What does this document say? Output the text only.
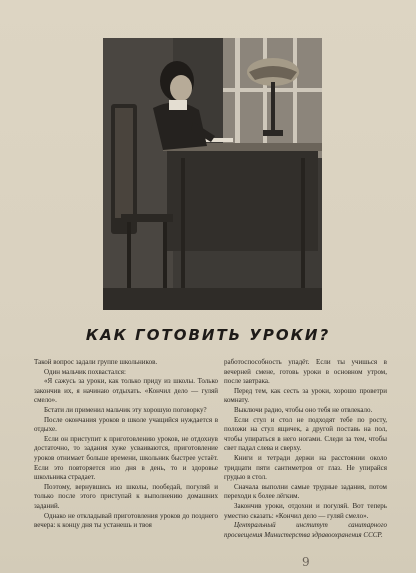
КАК ГОТОВИТЬ УРОКИ?

Такой вопрос задали группе школьников.

Один мальчик похвастался:

«Я сажусь за уроки, как только приду из школы. Только закончив их, я начинаю отдыхать. «Кончил дело — гуляй смело».

Бстати ли применил мальчик эту хорошую поговорку?

После окончания уроков в школе учащийся нуждается в отдыхе.

Если он приступит к приготовлению уроков, не отдохнув достаточно, то задания хуже усваиваются, приготовление уроков отнимает больше времени, школьник быстрее устаёт. Если это повторяется изо дня в день, то и здоровье школьника страдает.

Поэтому, вернувшись из школы, пообедай, погуляй и только после этого приступай к выполнению домашних заданий.

Однако не откладывай приготовления уроков до позднего вечера: к концу дня ты устанешь и твоя

работоспособность упадёт. Если ты учишься в вечерней смене, готовь уроки в основном утром, после завтрака.

Перед тем, как сесть за уроки, хорошо проветри комнату.

Выключи радио, чтобы оно тебя не отвлекало.

Если стул и стол не подходят тебе по росту, положи на стул ящичек, а другой поставь на пол, чтобы упираться в него ногами. Следи за тем, чтобы свет падал слева и сверху.

Книги и тетради держи на расстоянии около тридцати пяти сантиметров от глаз. Не упирайся грудью в стол.

Сначала выполни самые трудные задания, потом переходи к более лёгким.

Закончив уроки, отдохни и погуляй. Вот теперь уместно сказать: «Кончил дело — гуляй смело».

Центральный институт санитарного просвещения Министерства здравоохранения СССР.

9
